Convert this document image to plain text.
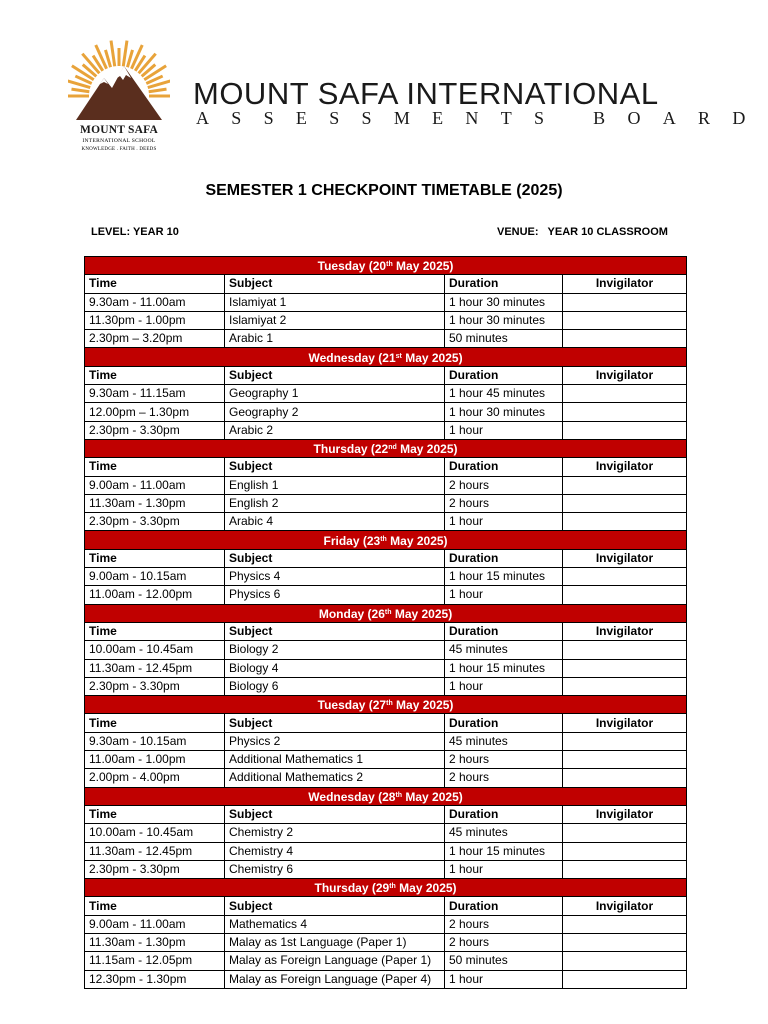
MOUNT SAFA
INTERNATIONAL SCHOOL
KNOWLEDGE . FAITH . DEEDS
MOUNT SAFA INTERNATIONAL
ASSESSMENTS BOARD
SEMESTER 1 CHECKPOINT TIMETABLE (2025)
LEVEL: YEAR 10	VENUE:   YEAR 10 CLASSROOM
Tuesday (20th May 2025)			
Time	Subject	Duration	Invigilator
9.30am - 11.00am	Islamiyat 1	1 hour 30 minutes	
11.30pm - 1.00pm	Islamiyat 2	1 hour 30 minutes	
2.30pm – 3.20pm	Arabic 1	50 minutes	
Wednesday (21st May 2025)			
Time	Subject	Duration	Invigilator
9.30am - 11.15am	Geography 1	1 hour 45 minutes	
12.00pm – 1.30pm	Geography 2	1 hour 30 minutes	
2.30pm - 3.30pm	Arabic 2	1 hour	
Thursday (22nd May 2025)			
Time	Subject	Duration	Invigilator
9.00am - 11.00am	English 1	2 hours	
11.30am - 1.30pm	English 2	2 hours	
2.30pm - 3.30pm	Arabic 4	1 hour	
Friday (23th May 2025)			
Time	Subject	Duration	Invigilator
9.00am - 10.15am	Physics 4	1 hour 15 minutes	
11.00am - 12.00pm	Physics 6	1 hour	
Monday (26th May 2025)			
Time	Subject	Duration	Invigilator
10.00am - 10.45am	Biology 2	45 minutes	
11.30am - 12.45pm	Biology 4	1 hour 15 minutes	
2.30pm - 3.30pm	Biology 6	1 hour	
Tuesday (27th May 2025)			
Time	Subject	Duration	Invigilator
9.30am - 10.15am	Physics 2	45 minutes	
11.00am - 1.00pm	Additional Mathematics 1	2 hours	
2.00pm - 4.00pm	Additional Mathematics 2	2 hours	
Wednesday (28th May 2025)			
Time	Subject	Duration	Invigilator
10.00am - 10.45am	Chemistry 2	45 minutes	
11.30am - 12.45pm	Chemistry 4	1 hour 15 minutes	
2.30pm - 3.30pm	Chemistry 6	1 hour	
Thursday (29th May 2025)			
Time	Subject	Duration	Invigilator
9.00am - 11.00am	Mathematics 4	2 hours	
11.30am - 1.30pm	Malay as 1st Language (Paper 1)	2 hours	
11.15am - 12.05pm	Malay as Foreign Language (Paper 1)	50 minutes	
12.30pm - 1.30pm	Malay as Foreign Language (Paper 4)	1 hour	
